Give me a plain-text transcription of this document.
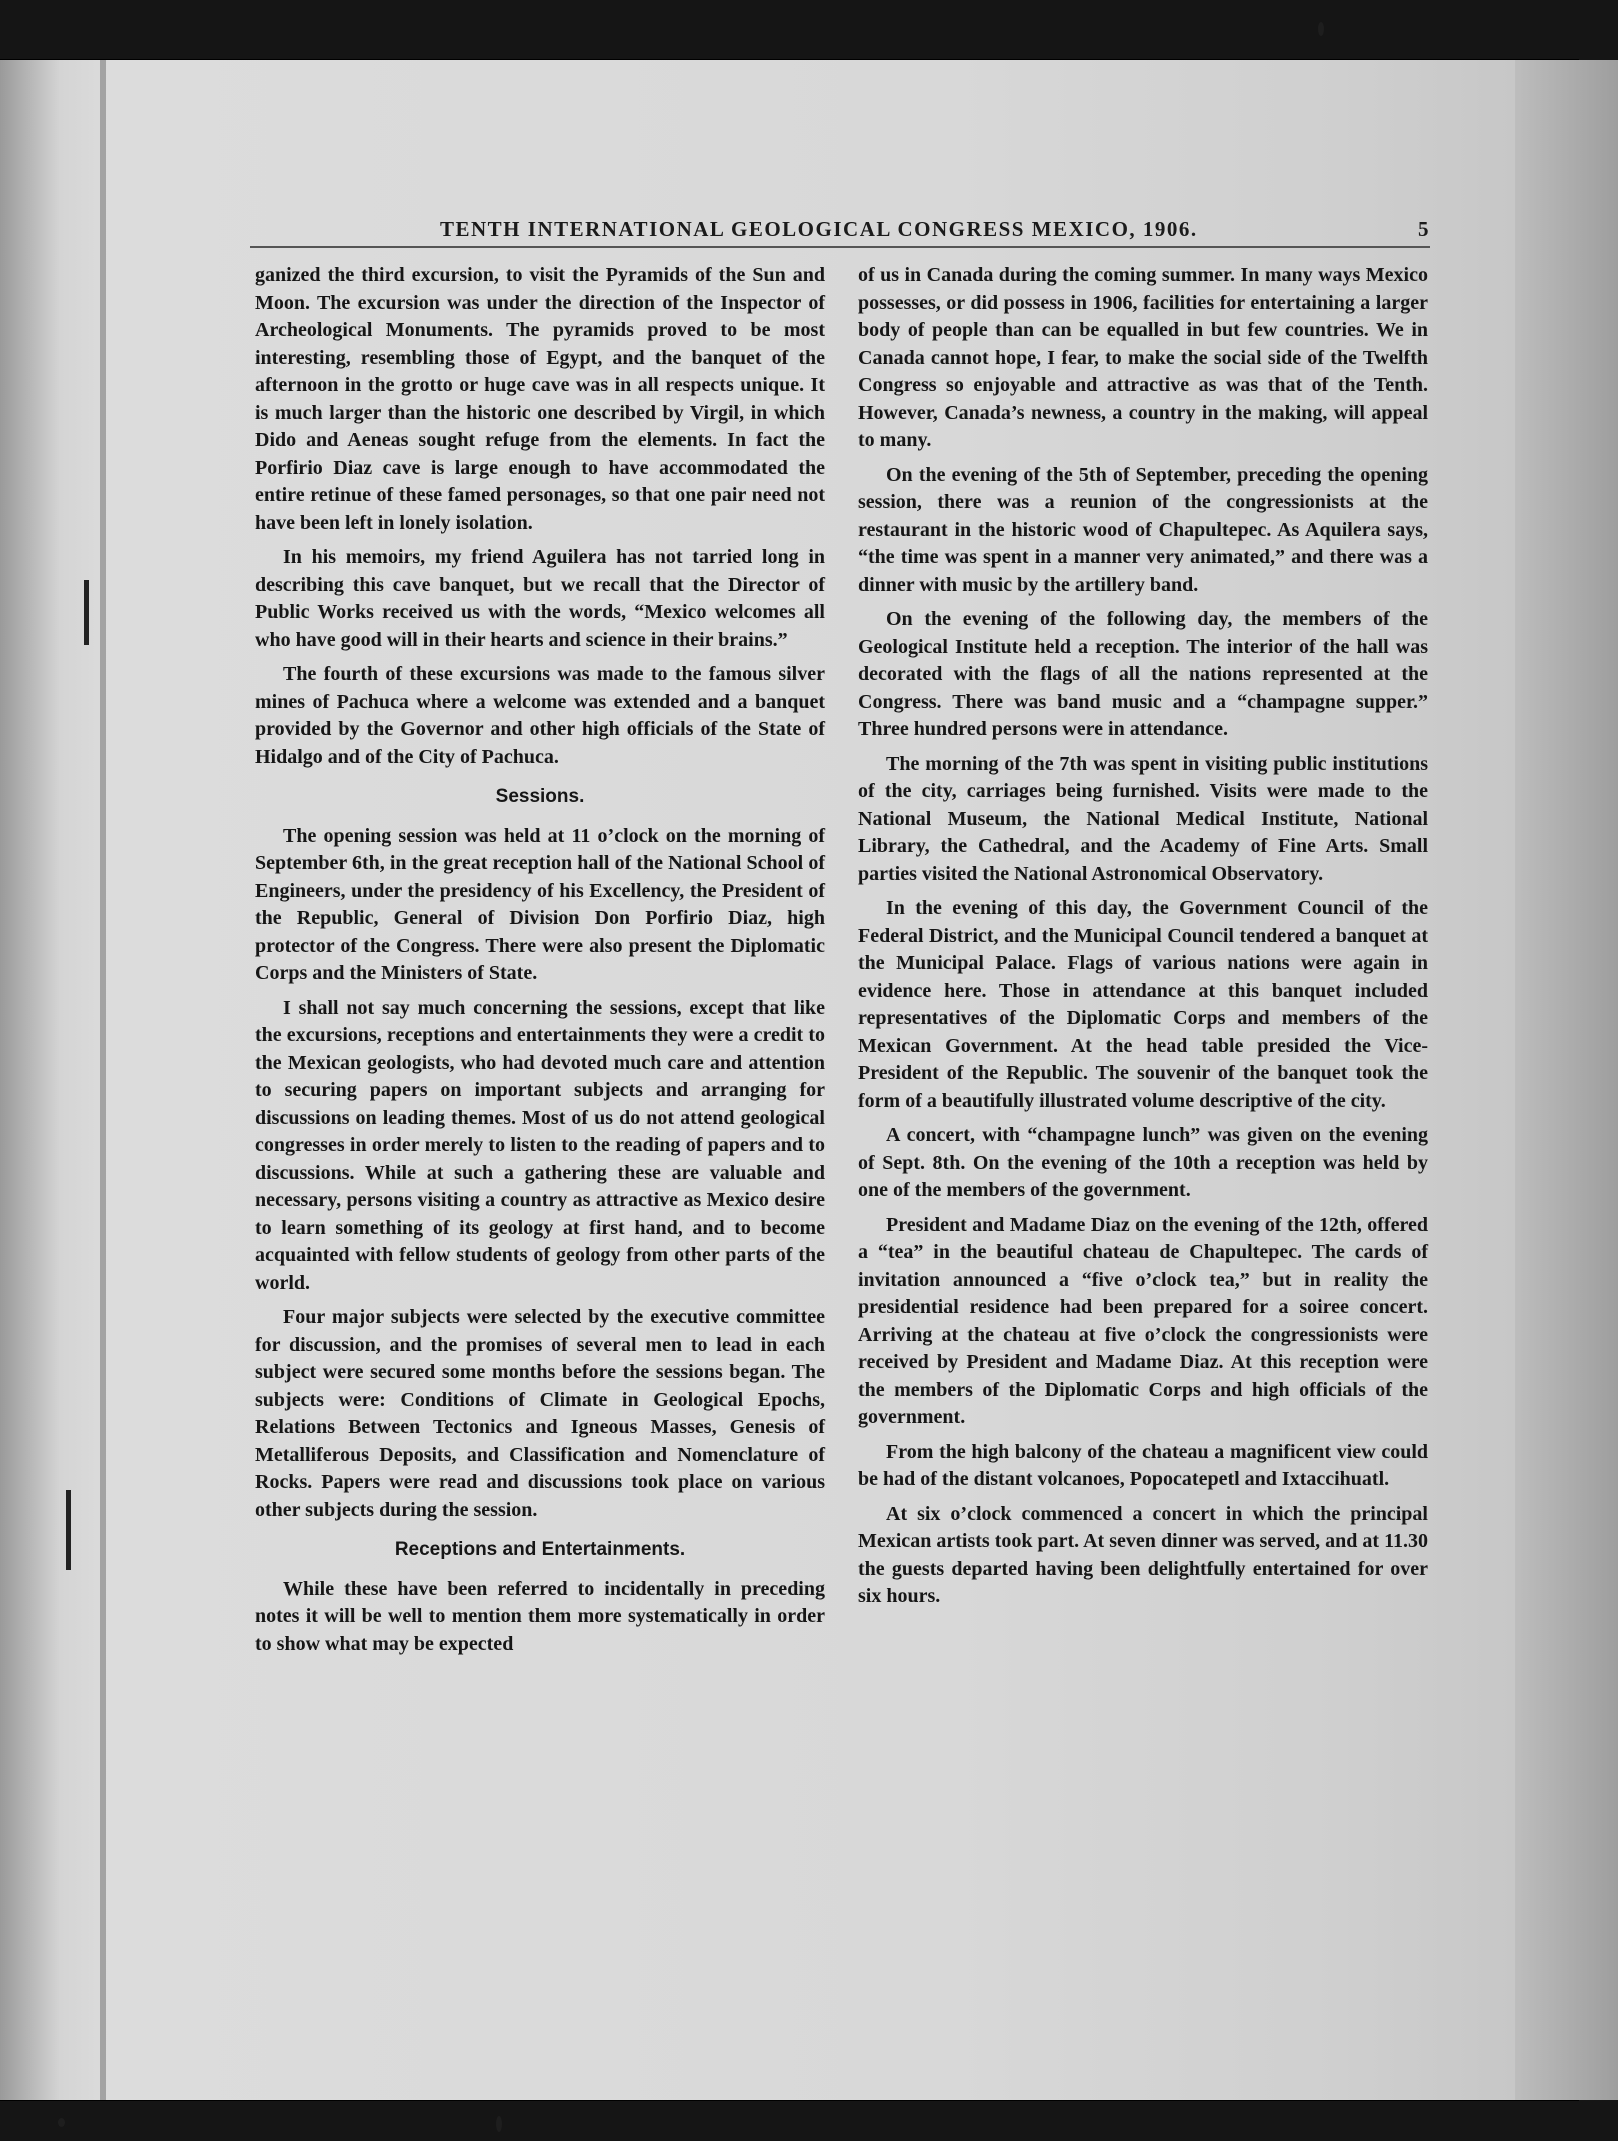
TENTH INTERNATIONAL GEOLOGICAL CONGRESS MEXICO, 1906.	5

ganized the third excursion, to visit the Pyramids of the Sun and Moon. The excursion was under the direction of the Inspector of Archeological Monuments. The pyramids proved to be most interesting, resembling those of Egypt, and the banquet of the afternoon in the grotto or huge cave was in all respects unique. It is much larger than the historic one described by Virgil, in which Dido and Aeneas sought refuge from the elements. In fact the Porfirio Diaz cave is large enough to have accommodated the entire retinue of these famed personages, so that one pair need not have been left in lonely isolation.

In his memoirs, my friend Aguilera has not tarried long in describing this cave banquet, but we recall that the Director of Public Works received us with the words, “Mexico welcomes all who have good will in their hearts and science in their brains.”

The fourth of these excursions was made to the famous silver mines of Pachuca where a welcome was extended and a banquet provided by the Governor and other high officials of the State of Hidalgo and of the City of Pachuca.

Sessions.

The opening session was held at 11 o’clock on the morning of September 6th, in the great reception hall of the National School of Engineers, under the presidency of his Excellency, the President of the Republic, General of Division Don Porfirio Diaz, high protector of the Congress. There were also present the Diplomatic Corps and the Ministers of State.

I shall not say much concerning the sessions, except that like the excursions, receptions and entertainments they were a credit to the Mexican geologists, who had devoted much care and attention to securing papers on important subjects and arranging for discussions on leading themes. Most of us do not attend geological congresses in order merely to listen to the reading of papers and to discussions. While at such a gathering these are valuable and necessary, persons visiting a country as attractive as Mexico desire to learn something of its geology at first hand, and to become acquainted with fellow students of geology from other parts of the world.

Four major subjects were selected by the executive committee for discussion, and the promises of several men to lead in each subject were secured some months before the sessions began. The subjects were: Conditions of Climate in Geological Epochs, Relations Between Tectonics and Igneous Masses, Genesis of Metalliferous Deposits, and Classification and Nomenclature of Rocks. Papers were read and discussions took place on various other subjects during the session.

Receptions and Entertainments.

While these have been referred to incidentally in preceding notes it will be well to mention them more systematically in order to show what may be expected

of us in Canada during the coming summer. In many ways Mexico possesses, or did possess in 1906, facilities for entertaining a larger body of people than can be equalled in but few countries. We in Canada cannot hope, I fear, to make the social side of the Twelfth Congress so enjoyable and attractive as was that of the Tenth. However, Canada’s newness, a country in the making, will appeal to many.

On the evening of the 5th of September, preceding the opening session, there was a reunion of the congressionists at the restaurant in the historic wood of Chapultepec. As Aquilera says, “the time was spent in a manner very animated,” and there was a dinner with music by the artillery band.

On the evening of the following day, the members of the Geological Institute held a reception. The interior of the hall was decorated with the flags of all the nations represented at the Congress. There was band music and a “champagne supper.” Three hundred persons were in attendance.

The morning of the 7th was spent in visiting public institutions of the city, carriages being furnished. Visits were made to the National Museum, the National Medical Institute, National Library, the Cathedral, and the Academy of Fine Arts. Small parties visited the National Astronomical Observatory.

In the evening of this day, the Government Council of the Federal District, and the Municipal Council tendered a banquet at the Municipal Palace. Flags of various nations were again in evidence here. Those in attendance at this banquet included representatives of the Diplomatic Corps and members of the Mexican Government. At the head table presided the Vice-President of the Republic. The souvenir of the banquet took the form of a beautifully illustrated volume descriptive of the city.

A concert, with “champagne lunch” was given on the evening of Sept. 8th. On the evening of the 10th a reception was held by one of the members of the government.

President and Madame Diaz on the evening of the 12th, offered a “tea” in the beautiful chateau de Chapultepec. The cards of invitation announced a “five o’clock tea,” but in reality the presidential residence had been prepared for a soiree concert. Arriving at the chateau at five o’clock the congressionists were received by President and Madame Diaz. At this reception were the members of the Diplomatic Corps and high officials of the government.

From the high balcony of the chateau a magnificent view could be had of the distant volcanoes, Popocatepetl and Ixtaccihuatl.

At six o’clock commenced a concert in which the principal Mexican artists took part. At seven dinner was served, and at 11.30 the guests departed having been delightfully entertained for over six hours.
